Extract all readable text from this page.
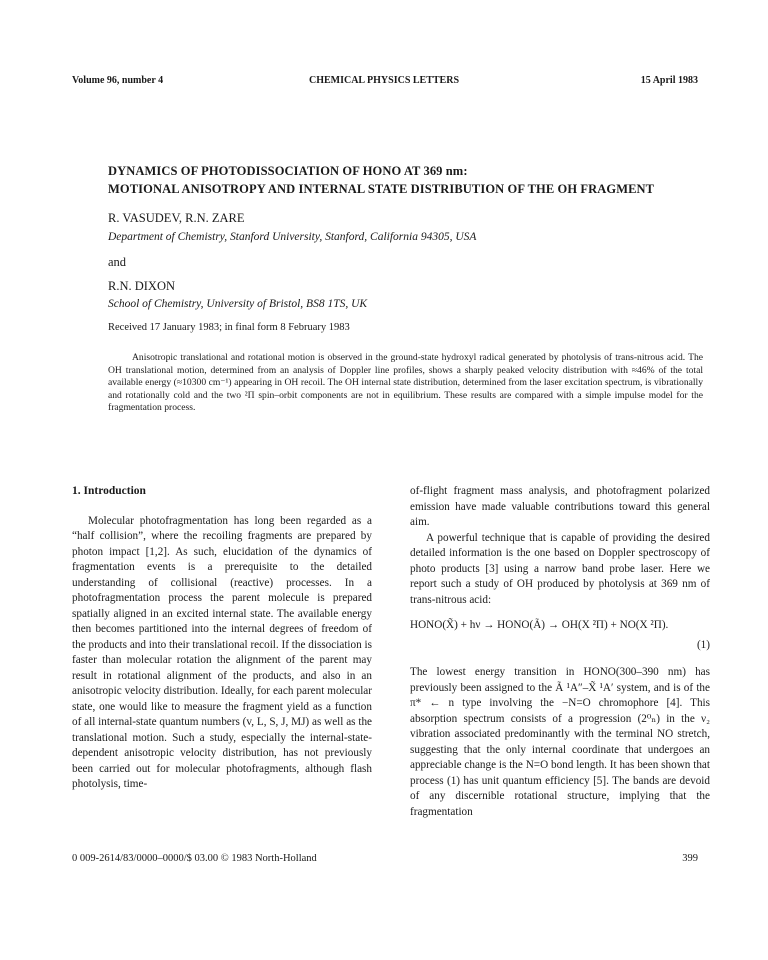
Volume 96, number 4	CHEMICAL PHYSICS LETTERS	15 April 1983
DYNAMICS OF PHOTODISSOCIATION OF HONO AT 369 nm:
MOTIONAL ANISOTROPY AND INTERNAL STATE DISTRIBUTION OF THE OH FRAGMENT
R. VASUDEV, R.N. ZARE
Department of Chemistry, Stanford University, Stanford, California 94305, USA
and
R.N. DIXON
School of Chemistry, University of Bristol, BS8 1TS, UK
Received 17 January 1983; in final form 8 February 1983

Anisotropic translational and rotational motion is observed in the ground-state hydroxyl radical generated by photolysis of trans-nitrous acid. The OH translational motion, determined from an analysis of Doppler line profiles, shows a sharply peaked velocity distribution with ≈46% of the total available energy (≈10300 cm⁻¹) appearing in OH recoil. The OH internal state distribution, determined from the laser excitation spectrum, is vibrationally and rotationally cold and the two ²Π spin–orbit components are not in equilibrium. These results are compared with a simple impulse model for the fragmentation process.

1. Introduction

Molecular photofragmentation has long been regarded as a “half collision”, where the recoiling fragments are prepared by photon impact [1,2]. As such, elucidation of the dynamics of fragmentation events is a prerequisite to the detailed understanding of collisional (reactive) processes. In a photofragmentation process the parent molecule is prepared spatially aligned in an excited internal state. The available energy then becomes partitioned into the internal degrees of freedom of the products and into their translational recoil. If the dissociation is faster than molecular rotation the alignment of the parent may result in rotational alignment of the products, and also in an anisotropic velocity distribution. Ideally, for each parent molecular state, one would like to measure the fragment yield as a function of all internal-state quantum numbers (v, L, S, J, MJ) as well as the translational motion. Such a study, especially the internal-state-dependent anisotropic velocity distribution, has not previously been carried out for molecular photofragments, although flash photolysis, time-

of-flight fragment mass analysis, and photofragment polarized emission have made valuable contributions toward this general aim.

A powerful technique that is capable of providing the desired detailed information is the one based on Doppler spectroscopy of photo products [3] using a narrow band probe laser. Here we report such a study of OH produced by photolysis at 369 nm of trans-nitrous acid:

HONO(X̃) + hν → HONO(Ã) → OH(X ²Π) + NO(X ²Π).

(1)

The lowest energy transition in HONO(300–390 nm) has previously been assigned to the Ã ¹A″–X̃ ¹A′ system, and is of the π* ← n type involving the −N=O chromophore [4]. This absorption spectrum consists of a progression (2⁰ₙ) in the ν₂ vibration associated predominantly with the terminal NO stretch, suggesting that the only internal coordinate that undergoes an appreciable change is the N=O bond length. It has been shown that process (1) has unit quantum efficiency [5]. The bands are devoid of any discernible rotational structure, implying that the fragmentation

0 009-2614/83/0000–0000/$ 03.00 © 1983 North-Holland	399
